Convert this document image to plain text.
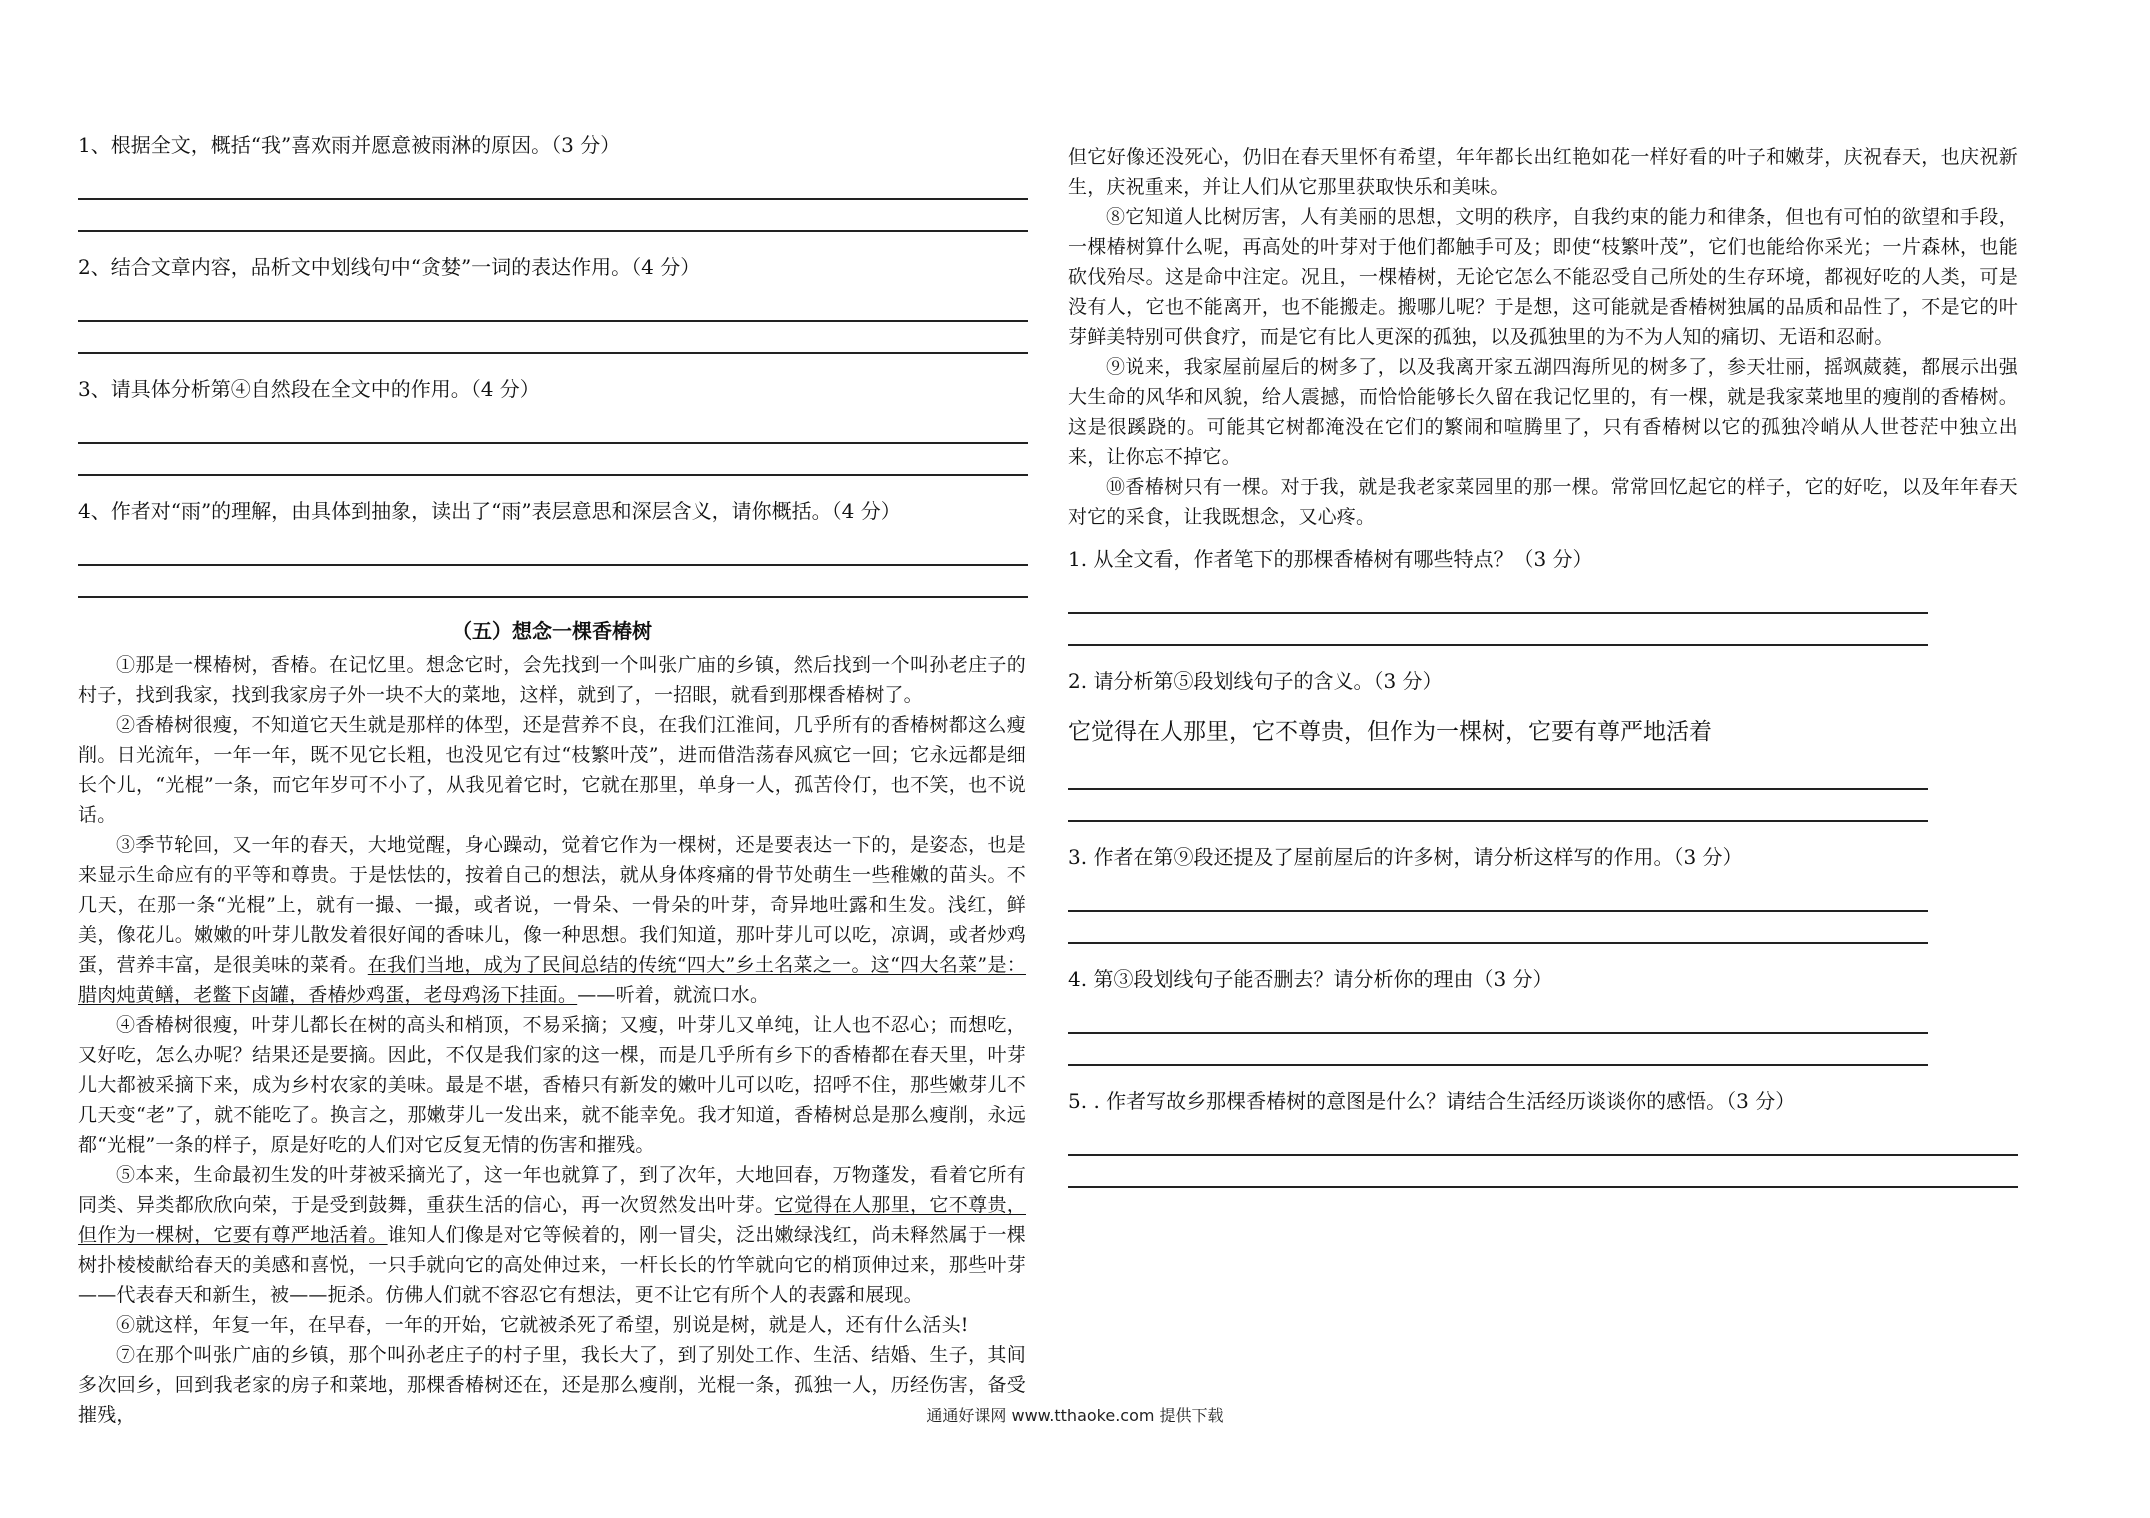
1、根据全文，概括“我”喜欢雨并愿意被雨淋的原因。（3 分）

2、结合文章内容，品析文中划线句中“贪婪”一词的表达作用。（4 分）

3、请具体分析第④自然段在全文中的作用。（4 分）

4、作者对“雨”的理解，由具体到抽象，读出了“雨”表层意思和深层含义，请你概括。（4 分）

（五）想念一棵香椿树

①那是一棵椿树，香椿。在记忆里。想念它时，会先找到一个叫张广庙的乡镇，然后找到一个叫孙老庄子的村子，找到我家，找到我家房子外一块不大的菜地，这样，就到了，一招眼，就看到那棵香椿树了。

②香椿树很瘦，不知道它天生就是那样的体型，还是营养不良，在我们江淮间，几乎所有的香椿树都这么瘦削。日光流年，一年一年，既不见它长粗，也没见它有过“枝繁叶茂”，进而借浩荡春风疯它一回；它永远都是细长个儿，“光棍”一条，而它年岁可不小了，从我见着它时，它就在那里，单身一人，孤苦伶仃，也不笑，也不说话。

③季节轮回，又一年的春天，大地觉醒，身心躁动，觉着它作为一棵树，还是要表达一下的，是姿态，也是来显示生命应有的平等和尊贵。于是怯怯的，按着自己的想法，就从身体疼痛的骨节处萌生一些稚嫩的苗头。不几天，在那一条“光棍”上，就有一撮、一撮，或者说，一骨朵、一骨朵的叶芽，奇异地吐露和生发。浅红，鲜美，像花儿。嫩嫩的叶芽儿散发着很好闻的香味儿，像一种思想。我们知道，那叶芽儿可以吃，凉调，或者炒鸡蛋，营养丰富，是很美味的菜肴。在我们当地，成为了民间总结的传统“四大”乡土名菜之一。这“四大名菜”是：腊肉炖黄鳝，老鳖下卤罐，香椿炒鸡蛋，老母鸡汤下挂面。——听着，就流口水。

④香椿树很瘦，叶芽儿都长在树的高头和梢顶，不易采摘；又瘦，叶芽儿又单纯，让人也不忍心；而想吃，又好吃，怎么办呢？结果还是要摘。因此，不仅是我们家的这一棵，而是几乎所有乡下的香椿都在春天里，叶芽儿大都被采摘下来，成为乡村农家的美味。最是不堪，香椿只有新发的嫩叶儿可以吃，招呼不住，那些嫩芽儿不几天变“老”了，就不能吃了。换言之，那嫩芽儿一发出来，就不能幸免。我才知道，香椿树总是那么瘦削，永远都“光棍”一条的样子，原是好吃的人们对它反复无情的伤害和摧残。

⑤本来，生命最初生发的叶芽被采摘光了，这一年也就算了，到了次年，大地回春，万物蓬发，看着它所有同类、异类都欣欣向荣，于是受到鼓舞，重获生活的信心，再一次贸然发出叶芽。它觉得在人那里，它不尊贵，但作为一棵树，它要有尊严地活着。谁知人们像是对它等候着的，刚一冒尖，泛出嫩绿浅红，尚未释然属于一棵树扑棱棱献给春天的美感和喜悦，一只手就向它的高处伸过来，一杆长长的竹竿就向它的梢顶伸过来，那些叶芽——代表春天和新生，被——扼杀。仿佛人们就不容忍它有想法，更不让它有所个人的表露和展现。

⑥就这样，年复一年，在早春，一年的开始，它就被杀死了希望，别说是树，就是人，还有什么活头!

⑦在那个叫张广庙的乡镇，那个叫孙老庄子的村子里，我长大了，到了别处工作、生活、结婚、生子，其间多次回乡，回到我老家的房子和菜地，那棵香椿树还在，还是那么瘦削，光棍一条，孤独一人，历经伤害，备受摧残，

但它好像还没死心，仍旧在春天里怀有希望，年年都长出红艳如花一样好看的叶子和嫩芽，庆祝春天，也庆祝新生，庆祝重来，并让人们从它那里获取快乐和美味。

⑧它知道人比树厉害，人有美丽的思想，文明的秩序，自我约束的能力和律条，但也有可怕的欲望和手段，一棵椿树算什么呢，再高处的叶芽对于他们都触手可及；即使“枝繁叶茂”，它们也能给你采光；一片森林，也能砍伐殆尽。这是命中注定。况且，一棵椿树，无论它怎么不能忍受自己所处的生存环境，都视好吃的人类，可是没有人，它也不能离开，也不能搬走。搬哪儿呢？于是想，这可能就是香椿树独属的品质和品性了，不是它的叶芽鲜美特别可供食疗，而是它有比人更深的孤独，以及孤独里的为不为人知的痛切、无语和忍耐。

⑨说来，我家屋前屋后的树多了，以及我离开家五湖四海所见的树多了，参天壮丽，摇飒葳蕤，都展示出强大生命的风华和风貌，给人震撼，而恰恰能够长久留在我记忆里的，有一棵，就是我家菜地里的瘦削的香椿树。这是很蹊跷的。可能其它树都淹没在它们的繁闹和喧腾里了，只有香椿树以它的孤独冷峭从人世苍茫中独立出来，让你忘不掉它。

⑩香椿树只有一棵。对于我，就是我老家菜园里的那一棵。常常回忆起它的样子，它的好吃，以及年年春天对它的采食，让我既想念，又心疼。

1. 从全文看，作者笔下的那棵香椿树有哪些特点？（3 分）

2. 请分析第⑤段划线句子的含义。（3 分）

它觉得在人那里，它不尊贵，但作为一棵树，它要有尊严地活着

3. 作者在第⑨段还提及了屋前屋后的许多树，请分析这样写的作用。（3 分）

4. 第③段划线句子能否删去？请分析你的理由（3 分）

5. . 作者写故乡那棵香椿树的意图是什么？请结合生活经历谈谈你的感悟。（3 分）

通通好课网 www.tthaoke.com 提供下载
